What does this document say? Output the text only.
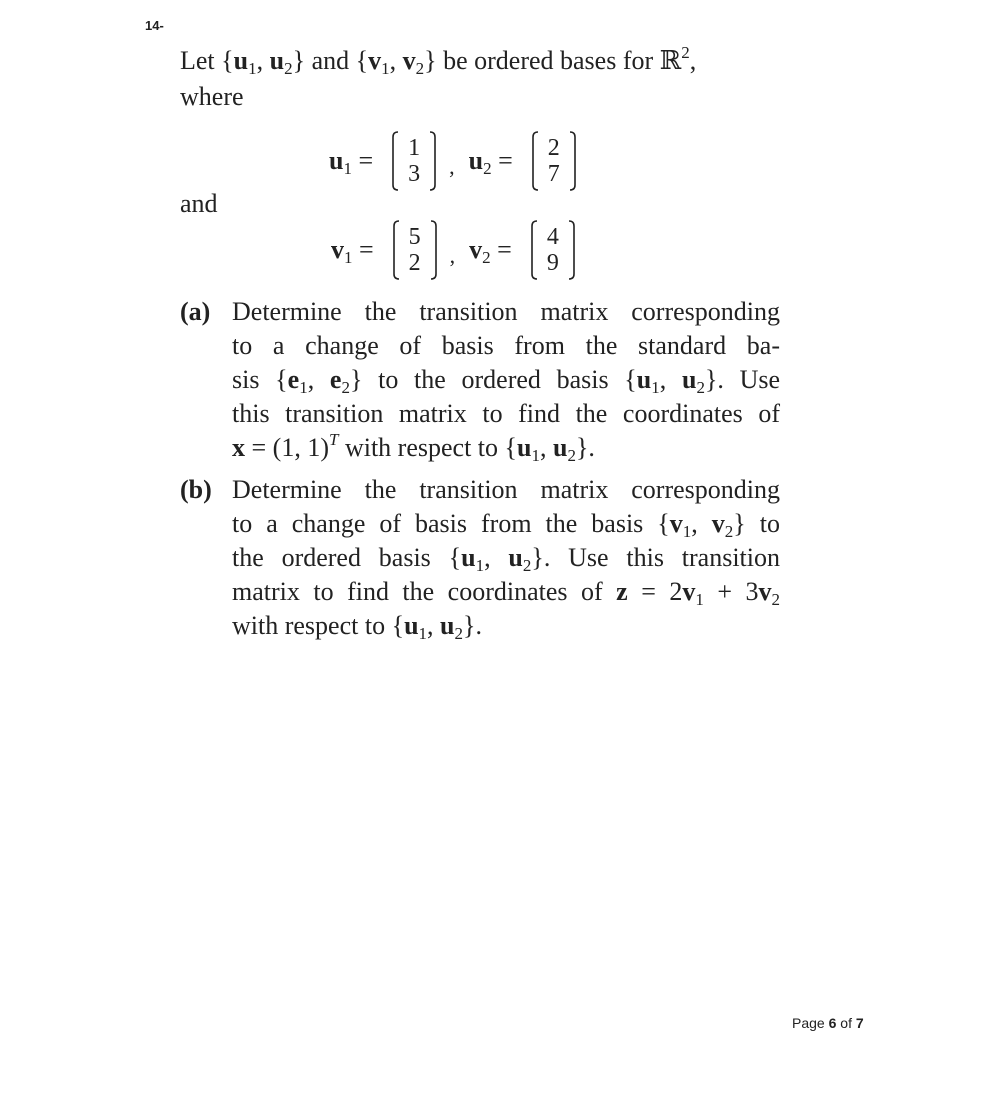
14-
Let {$u_1$, $u_2$} and {$v_1$, $v_2$} be ordered bases for ℝ$^2$,
where
$u_1 = 1$
3 , $u_2 = 2$
7
and
$v_1 = 5$
2 , $v_2 = 4$
9
(a) Determine the transition matrix corresponding
to a change of basis from the standard ba-
sis {$e_1$, $e_2$} to the ordered basis {$u_1$, $u_2$}. Use
this transition matrix to find the coordinates of
x = (1, 1)$^T$ with respect to {$u_1$, $u_2$}.
(b) Determine the transition matrix corresponding
to a change of basis from the basis {$v_1$, $v_2$} to
the ordered basis {$u_1$, $u_2$}. Use this transition
matrix to find the coordinates of $z = 2v_1 + 3v_2$
with respect to {$u_1$, $u_2$}.
Page 6 of 7
